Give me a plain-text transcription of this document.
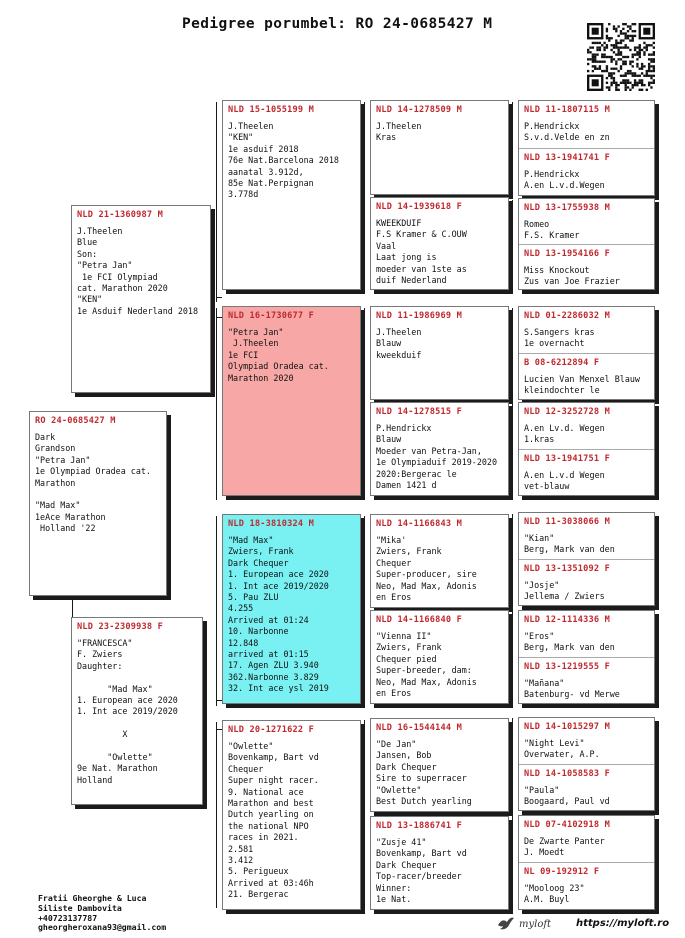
Pedigree porumbel: RO 24-0685427 M
RO 24-0685427 M
Dark
Grandson
"Petra Jan"
1e Olympiad Oradea cat.
Marathon

"Mad Max"
1eAce Marathon
Holland '22
NLD 21-1360987 M
J.Theelen
Blue
Son:
"Petra Jan"
1e FCI Olympiad
cat. Marathon 2020
"KEN"
1e Asduif Nederland 2018
NLD 23-2309938 F
"FRANCESCA"
F. Zwiers
Daughter:

"Mad Max"
1. European ace 2020
1. Int ace 2019/2020

X

"Owlette"
9e Nat. Marathon Holland
NLD 15-1055199 M
J.Theelen
"KEN"
1e asduif 2018
76e Nat.Barcelona 2018
aanatal 3.912d,
85e Nat.Perpignan
3.778d
NLD 16-1730677 F
"Petra Jan"
J.Theelen
1e FCI
Olympiad Oradea cat.
Marathon 2020
NLD 18-3810324 M
"Mad Max"
Zwiers, Frank
Dark Chequer
1. European ace 2020
1. Int ace 2019/2020
5. Pau ZLU
4.255
Arrived at 01:24
10. Narbonne
12.848
arrived at 01:15
17. Agen ZLU 3.940
362.Narbonne 3.829
32. Int ace ysl 2019
NLD 20-1271622 F
"Owlette"
Bovenkamp, Bart vd
Chequer
Super night racer.
9. National ace
Marathon and best
Dutch yearling on
the national NPO
races in 2021.
2.581
3.412
5. Perigueux
Arrived at 03:46h
21. Bergerac
NLD 14-1278509 M
J.Theelen
Kras
NLD 14-1939618 F
KWEEKDUIF
F.S Kramer & C.OUW
Vaal
Laat jong is
moeder van 1ste as
duif Nederland
NLD 11-1986969 M
J.Theelen
Blauw
kweekduif
NLD 14-1278515 F
P.Hendrickx
Blauw
Moeder van Petra-Jan,
1e Olympiaduif 2019-2020
2020:Bergerac le
Damen 1421 d
NLD 14-1166843 M
"Mika'
Zwiers, Frank
Chequer
Super-producer, sire
Neo, Mad Max, Adonis
en Eros
NLD 14-1166840 F
"Vienna II"
Zwiers, Frank
Chequer pied
Super-breeder, dam:
Neo, Mad Max, Adonis
en Eros
NLD 16-1544144 M
"De Jan"
Jansen, Bob
Dark Chequer
Sire to superracer
"Owlette"
Best Dutch yearling
NLD 13-1886741 F
"Zusje 41"
Bovenkamp, Bart vd
Dark Chequer
Top-racer/breeder
Winner:
1e Nat.
NLD 11-1807115 M
P.Hendrickx
S.v.d.Velde en zn
NLD 13-1941741 F
P.Hendrickx
A.en L.v.d.Wegen
NLD 13-1755938 M
Romeo
F.S. Kramer
NLD 13-1954166 F
Miss Knockout
Zus van Joe Frazier
NLD 01-2286032 M
S.Sangers kras
1e overnacht
B 08-6212894 F
Lucien Van Menxel Blauw
kleindochter le
NLD 12-3252728 M
A.en Lv.d. Wegen
1.kras
NLD 13-1941751 F
A.en L.v.d Wegen
vet-blauw
NLD 11-3038066 M
"Kian"
Berg, Mark van den
NLD 13-1351092 F
"Josje"
Jellema / Zwiers
NLD 12-1114336 M
"Eros"
Berg, Mark van den
NLD 13-1219555 F
"Mañana"
Batenburg- vd Merwe
NLD 14-1015297 M
"Night Levi"
Overwater, A.P.
NLD 14-1058583 F
"Paula"
Boogaard, Paul vd
NLD 07-4102918 M
De Zwarte Panter
J. Moedt
NL 09-192912 F
"Mooloog 23"
A.M. Buyl
Fratii Gheorghe & Luca
Siliste Dambovita
+40723137787
gheorgheroxana93@gmail.com	myloft https://myloft.ro
